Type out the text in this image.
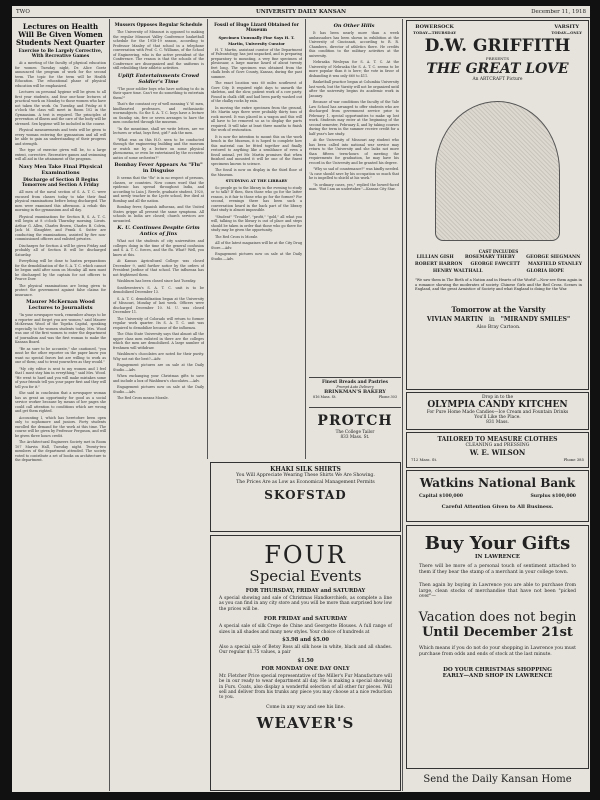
TWO	UNIVERSITY DAILY KANSAN	December 11, 1918
Lectures on Health Will Be Given Women Students Next Quarter
Exercise to Be Largely Corrective, With Recreative Games

At a meeting of the faculty of physical education for women Tuesday night, Dr. Alice Goetz announced the program of work for the second term. The topic for the term will be Health Education. The educational phase of physical education will be emphasized.

Lectures on personal hygiene will be given to all first year students, and four one-hour lectures of practical work on Monday to those women who have not taken the work. On Tuesday, and Friday at 8 o'clock the class will meet in Room 102 in the Gymnasium. A test is required. The principles of prevention of illness and the care of the body will be stressed. Sex hygiene will be included in the course.

Physical measurements and tests will be given to every woman entering the gymnasium and all will be able to gain an understanding of their progress and strength.

The type of exercise given will be, to a large extent, corrective. Recreative games and swimming will all aid in the attainment of the program.

Navy Men Take Final Physical Examinations
Discharge of Section B Begins Tomorrow and Section A Friday

All men of the naval section of S. A. T. C. were excused from classes today to take their final physical examinations before being discharged. The men were examined this afternoon. A rehab this morning in the gymnasium and all day.

Physical examinations for Section B, S. A. T. C. will begin at 8 o'clock Thursday morning. Lieuts. Arthur G. Allen, Charles Brown, Charles B. Colvin, Jack M. Slaughter, and Frank S. Sutter are conducting the examinations, assisted by five non-commissioned officers and enlisted privates.

Discharges for Section A will be given Friday and probably all of Section B will be discharged Saturday.

Everything will be done to hasten preparations for the demobilization of the S. A. T. C. which cannot be begun until after noon on Monday. All men must be discharged by the captain for not officers to Pearce Dorr.

The physical examinations are being given to protect the government against false claims for insurance.

Maurer McKernan Wood Lectures to Journalists

"In your newspaper work, remember always to be a reporter and forget you are women," said Maurer McKernan Wood of the Topeka Capital, speaking especially to the women students today. Mrs. Wood was one of the first women to enter the department of journalism and was the first woman to make the Kansan Board.

"Be as sure to be accurate," she cautioned, "you must be the other reporter on the paper know you want no special favors but are willing to work as one of them; and to treat yourselves as they would."

"My city editor is sent to my women and I feel that I must stay him in everything," said Mrs. Wood. "He went to hard and you will make mistakes some of your friends tell you your paper first and they will tell you for it."

She said in conclusion that a newspaper woman has as great an opportunity for good as a social service worker because by means of her pages she could call attention to conditions which are wrong and get them righted.

Accounting I, which has heretofore been open only to sophomore and juniors. Forty students enrolled the demand for the work at this time. The course will be given by Professor Ferguson, and will be given three hours credit.

The Architectural Engineers Society met in Room 107 Marvin Hall, Tuesday night. Twenty-two members of the department attended. The society voted to contribute a set of books on architecture to the department.

Mussers Opposes Regular Schedule

The University of Missouri is opposed to making the regular Missouri Valley Conference basketball schedule for the 1918-19 season, according to Professor Manley of that school in a telephone conversation with Prof. C. C. Williams, of the School of Engineering, who is the active president of the Conference. The reason is that the schools of the Conference are disorganized and the uniforms is still rebuilding their athletic activities.

Uplift Entertainments Crowd Soldier's Time

"The poor soldier boys who have nothing to do in their spare time. Can't we do something to entertain them?"

That's the constant cry of well meaning Y. W. men, kindhearted professors, and enthusiastic wormsubjects. So the S. A. T. C. boys have a lecture on Sunday, six, five or seven arranges to have the men conducted through the museum.

"In the meantime, shall we write letters, are we lectures or what, boys first, girl!" ask the men.

"What was on this H.O. seen to be conducted through the engineering building and the museum or watch me by a lecture on some physical phenomena, or even be entertained by the eccentric antics of some orchestra?"

Bombay Fever Appears As "Flu" in Disguise

It seems that the "flu" is in no respect of persons, classes, or countries. Now comes word that the epidemic has spread throughout India, and according to Luin J. Reevle, graduate student, 1920, and newly teacher in the Lycée school, five died at Bombay and all the nation.

Bombay fever, Spanish influenza, and the United States grippe all present the same symptoms. All schools in India are closed; church services are unwanted.

K. U. Continues Despite Grim Antics of Jinx

What not the students of city universities and colleges doing in the time of the general confusion and S. A. T. C. forces, and the flu. What? Well, you know at this.

At Kansas Agricultural College was closed December 9, until further notice by the orders of President Jardine of that school. The influenza has not frightened them.

Washburn has been closed since last Tuesday.

Southwestern's S. A. T. C. unit is to be demobilized December 13.

S. A. T. C. demobilization began at the University of Missouri, Monday of last week. Officers were discharged December 10. M. U. was closed December 11.

The University of Colorado will return to former regular work quarter. Its S. A. T. C. unit was required to demobilize because of the influenza.

The Ohio State University says that almost all the upper class men enlisted in there are the colleges which the men are demobilized. A large number of freshmen will withdraw.

Washburn's chocolates are noted for their purity. Why not eat the best?—Adv.

Engagement pictures are on sale at the Daily Studio.—Adv.

When exchanging your Christmas gifts to save and include a box of Washburn's chocolates.—Adv.

Engagement pictures now on sale at the Daily Studio.—Adv.

The Red Cross means Morale.

Fossil of Huge Lizard Obtained for Museum
Specimen Unusually Fine Says H. T. Martin, University Curator

H. T. Martin, assistant curator of the Department of Paleontology, has just unpacked, and is preparing preparatory to mounting, a very fine specimen of plesiosaur, a large marine lizard of about twenty feet long. The specimen was obtained from the chalk beds of Gove County, Kansas, during the past summer.

The exact location was 60 miles southwest of Gove City. It required eight days to unearth the skeleton, and the slow, patient work of a cow party. Found in chalk cliff, and had been partly washed out of the chalky rocks by rain.

In moving the entire specimen from the ground, Mr. Martin says there were probably thirty tons of rock moved. It was placed in a wagon and this will all have to be removed so as to display the parts required. It will take at least three months to finish the work of restoration.

It is now the intention to mount this on the work bench in the Museum, it is hoped to complete how this material can be fitted together and finally restored to anything like a semblance of even a fossil animal, yet Mr. Martin promises that when finished and mounted it will be one of the finest specimens known to science.

The fossil is now on display in the third floor of the Museum.

STUDYING AT THE LIBRARY

So people go to the library in the evening to study or to talk? If then, then those who go for the latter reason, is it fair to those who go for the former? For second, evenings there has been such a conversation heard in the back part of the library that study is almost impossible.

"Student" "Trouble", "profit," "gold," all what you will, talking in the library is out of place and steps should be taken in order that those who go there for study may be given the opportunity.

The Red Cross is Morale.

All of the latest magazines will be at the City Drug Store.—Adv.

Engagement pictures now on sale at the Daily Studio.—Adv.

On Other Hills

It has been nearly more than a week ambassadors has been shown in exhibition at the University of Cincinnati, according to R. R. Chambers, director of athletics there. He credits this condition to the military activities at the university.

Nebraska Wesleyan for S. A. T. C. At the University of Nebraska the S. A. T. C. seems to be more popular than it is here; the vote in favor of disbanding it was only 660 to 411.

Basketball practice began at Columbia University last week, but the Varsity will not be organized until after the university begins its academic work in January.

Because of war conditions the faculty of the Yale Law School has arranged to offer students who are discharged from government service prior to February 1, special opportunities to make up lost work. Students may enter at the beginning of the second semester, February 4, and by taking courses during the term in the summer receive credit for a half year's law study.

At the University of Missouri any student who has been called into national war service may return to the University and she lacks not more than fifteen term-hours of meeting the requirements for graduation, he may have his record in the University and be granted his degree.

"Why so sad of countenance?" was kindly needed. "A case should save by his occupation so much that he is impelled to shield at his work."

"Is ordinary cases, yes," replied the bowed-faced man. "But I am an undertaker."—Kansas City Star.

Finest Breads and Pastries
Prompt Auto Delivery
BRINKMAN'S BAKERY
816 Mass. St.	Phone 303
PROTCH
The College Tailor
833 Mass. St.
KHAKI SILK SHIRTS
You Will Appreciate Wearing These Shirts We Are Showing.
The Prices Are as Low as Economical Management Permits
SKOFSTAD
FOUR
Special Events
FOR THURSDAY, FRIDAY and SATURDAY
A special showing and sale of Christmas Handkerchiefs, as complete a line as you can find in any city store and you will be more than surprised how low the prices will be.
FOR FRIDAY and SATURDAY
A special sale of silk Crepe de Chine and Georgette Blouses. A full range of sizes in all shades and many new styles. Your choice of hundreds at
$3.98 and $5.00
Also a special sale of Betsy Ross all silk hose in white, black and all shades. Our regular $1.75 values, a pair
$1.50
FOR MONDAY ONE DAY ONLY
Mr. Fletcher Price special representative of the Miller's Fur Manufacture will be in our ready to wear department all day. He is making a special showing in Furs. Coats, also display a wonderful selection of all other fur pieces. Will sell and deliver from his trunks any piece you may choose at a nice reduction to you.
Come in any way and see his line.
WEAVER'S
BOWERSOCK
TODAY—THURSDAY
VARSITY
TODAY—ONLY
D.W. GRIFFITH
PRESENTS
THE GREAT LOVE
An ARTCRAFT Picture
CAST INCLUDES
LILLIAN GISH ROSEMARY THEBY GEORGE SIEGMANN
ROBERT HARRON GEORGE FAWCETT MAXFIELD STANLEY
HENRY WALTHALL	GLORIA HOPE
"We saw them in The Birth of a Nation and in Hearts of the World"—Now see them again in a romance showing the moderates of society. Chinese Girls and the Red Cross. Scenes in England, and the great Armistice of Society and what England is doing for the War.
Tomorrow at the Varsity
VIVIAN MARTIN in "MIRANDY SMILES"
Also Bray Cartoon.
Drop in to the
OLYMPIA CANDY KITCHEN
For Pure Home Made Candies—Ice Cream and Fountain Drinks You'll Like the Place.
831 Mass.
TAILORED TO MEASURE CLOTHES
CLEANING and PRESSING
W. E. WILSON
712 Mass. St.	Phone 385
Watkins National Bank
Capital $100,000	Surplus $100,000
Careful Attention Given to All Business.
Buy Your Gifts
IN LAWRENCE
There will be more of a personal touch of sentiment attached to them if they bear the stamp of a merchant in your college town.
Then again by buying in Lawrence you are able to purchase from large, clean stocks of merchandise that have not been "picked over"—
Vacation does not begin
Until December 21st
Which means if you do not do your shopping in Lawrence you must purchase from odds and ends of stock at the last minute.
DO YOUR CHRISTMAS SHOPPING
EARLY—AND SHOP IN LAWRENCE
Send the Daily Kansan Home
